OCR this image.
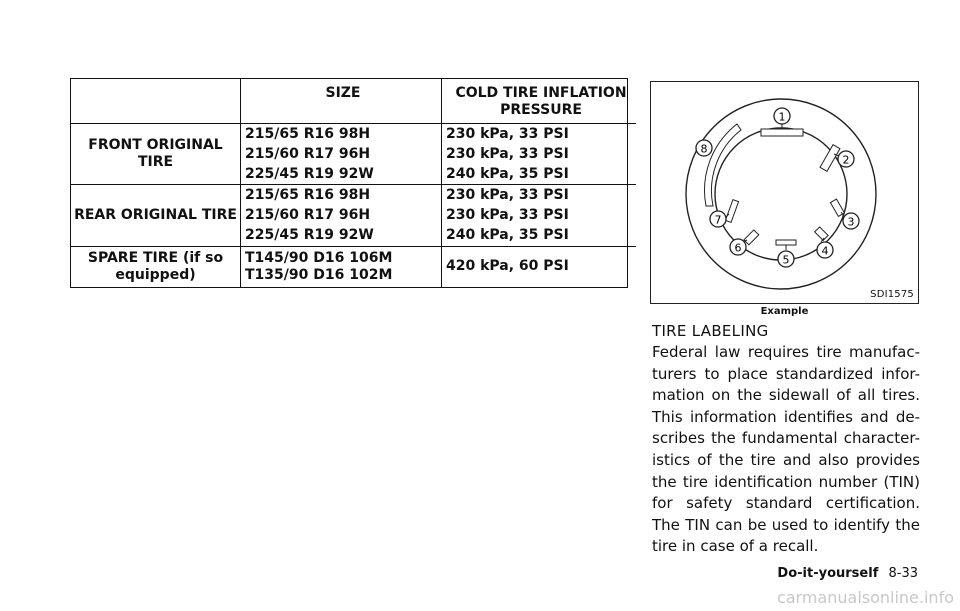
	SIZE	COLD TIRE INFLATION PRESSURE
FRONT ORIGINAL TIRE	215/65 R16 98H	230 kPa, 33 PSI
	215/60 R17 96H	230 kPa, 33 PSI
	225/45 R19 92W	240 kPa, 35 PSI
REAR ORIGINAL TIRE	215/65 R16 98H	230 kPa, 33 PSI
	215/60 R17 96H	230 kPa, 33 PSI
	225/45 R19 92W	240 kPa, 35 PSI
SPARE TIRE (if so equipped)	T145/90 D16 106M T135/90 D16 102M	420 kPa, 60 PSI
1
2
3
4
5
6
7
8
SDI1575
Example
TIRE LABELING
Federal law requires tire manufac-turers to place standardized infor-mation on the sidewall of all tires. This information identifies and de-scribes the fundamental character-istics of the tire and also provides the tire identification number (TIN) for safety standard certification. The TIN can be used to identify the tire in case of a recall.
Do-it-yourself 8-33
carmanualsonline.info
